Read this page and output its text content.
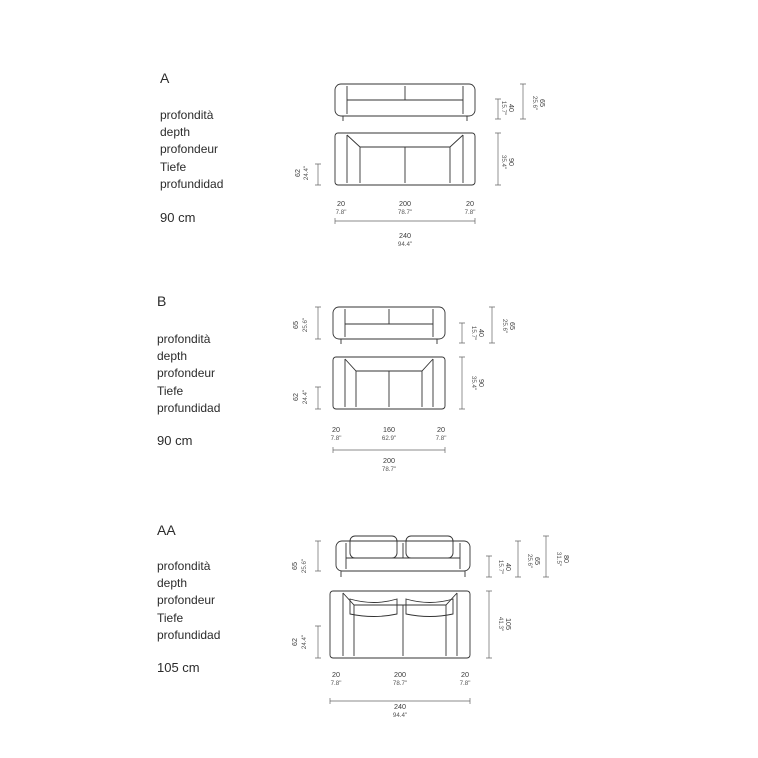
A
profondità
depth
profondeur
Tiefe
profundidad
90 cm
40
15.7"	65
25.6"
62 24.4"
90
35.4"
20
7.8"
200
78.7"
20
7.8"
240
94.4"
B
profondità
depth
profondeur
Tiefe
profundidad
90 cm
65 25.6"
40
15.7"	65
25.6"
62 24.4"
90
35.4"
20
7.8"
160
62.9"
20
7.8"
200
78.7"
AA
profondità
depth
profondeur
Tiefe
profundidad
105 cm
65 25.6"	40
15.7"	65
25.6"	80
31.5"
62 24.4"
105
41.3"
20
7.8"
200
78.7"
20
7.8"
240
94.4"
